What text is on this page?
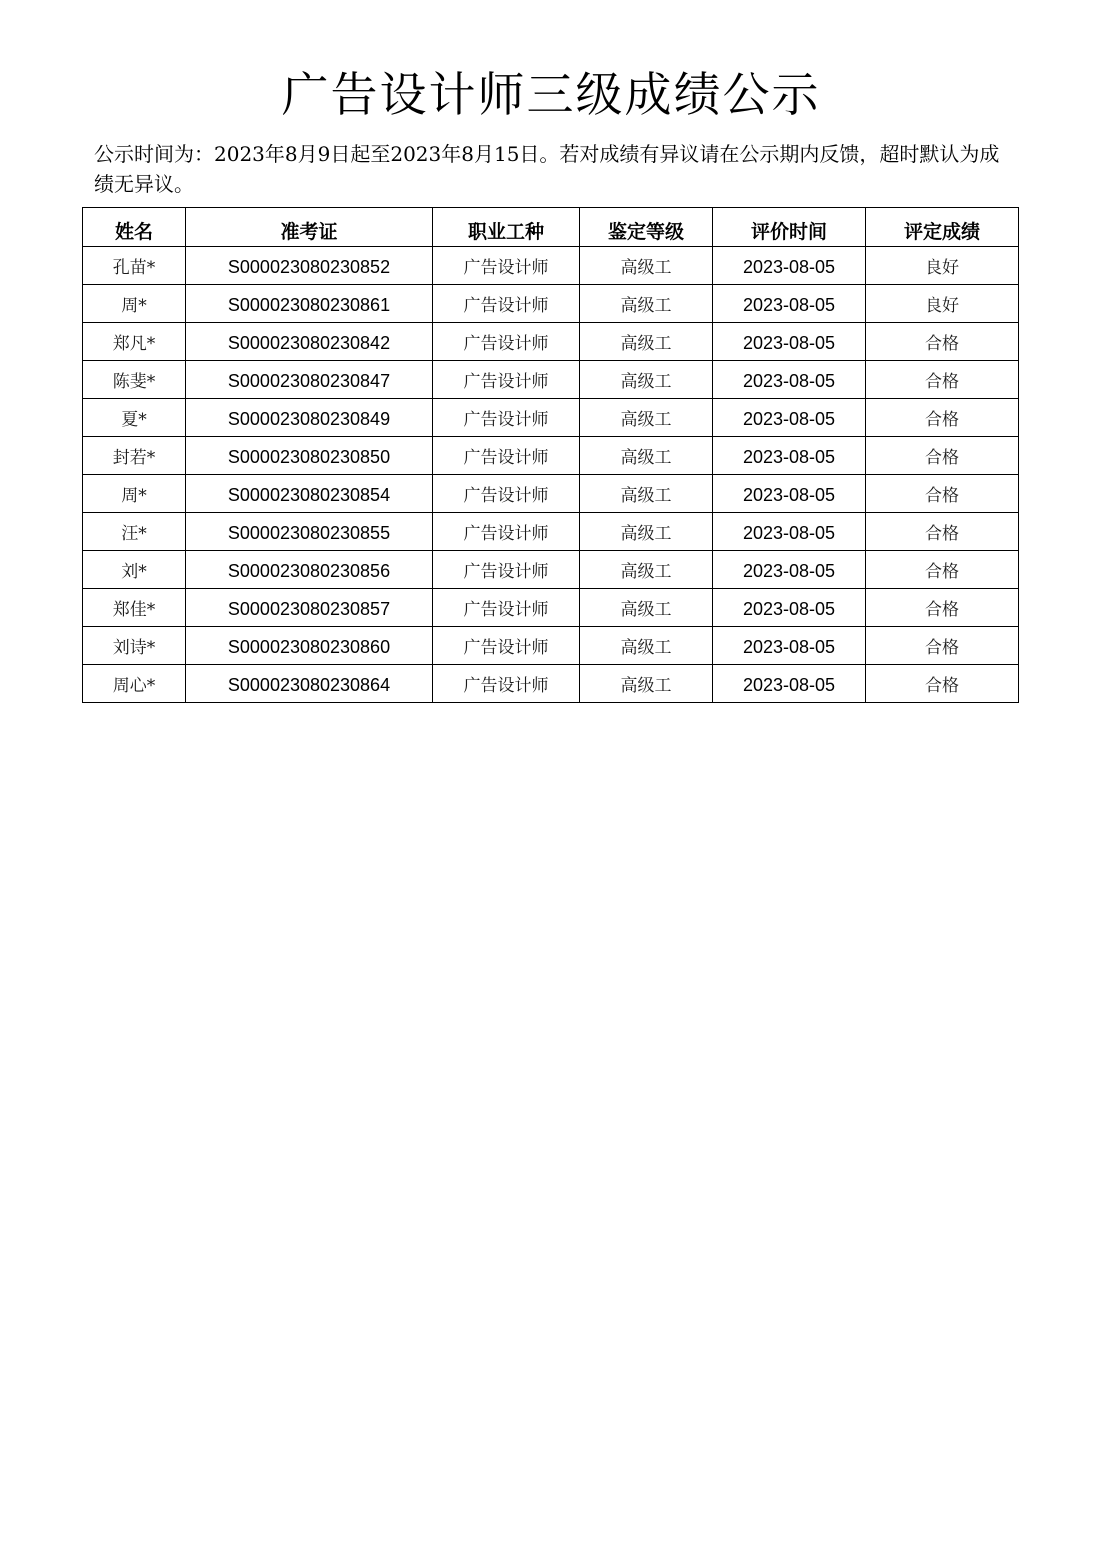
广告设计师三级成绩公示

公示时间为：2023年8月9日起至2023年8月15日。若对成绩有异议请在公示期内反馈，超时默认为成绩无异议。

姓名	准考证	职业工种	鉴定等级	评价时间	评定成绩
孔苗*	S000023080230852	广告设计师	高级工	2023-08-05	良好
周*	S000023080230861	广告设计师	高级工	2023-08-05	良好
郑凡*	S000023080230842	广告设计师	高级工	2023-08-05	合格
陈斐*	S000023080230847	广告设计师	高级工	2023-08-05	合格
夏*	S000023080230849	广告设计师	高级工	2023-08-05	合格
封若*	S000023080230850	广告设计师	高级工	2023-08-05	合格
周*	S000023080230854	广告设计师	高级工	2023-08-05	合格
汪*	S000023080230855	广告设计师	高级工	2023-08-05	合格
刘*	S000023080230856	广告设计师	高级工	2023-08-05	合格
郑佳*	S000023080230857	广告设计师	高级工	2023-08-05	合格
刘诗*	S000023080230860	广告设计师	高级工	2023-08-05	合格
周心*	S000023080230864	广告设计师	高级工	2023-08-05	合格
